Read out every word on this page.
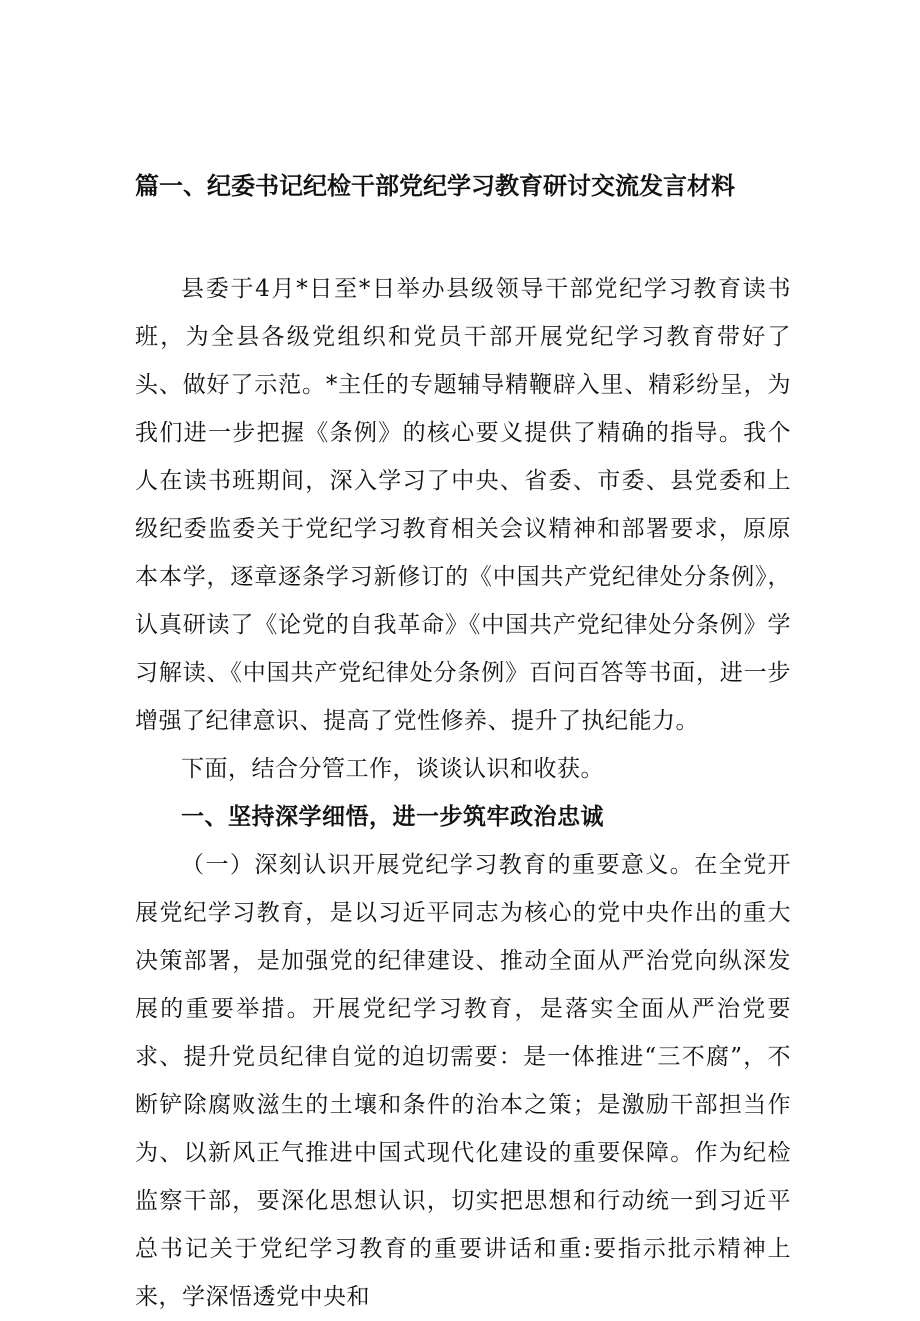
篇一、纪委书记纪检干部党纪学习教育研讨交流发言材料

县委于4月*日至*日举办县级领导干部党纪学习教育读书班，为全县各级党组织和党员干部开展党纪学习教育带好了头、做好了示范。*主任的专题辅导精鞭辟入里、精彩纷呈，为我们进一步把握《条例》的核心要义提供了精确的指导。我个人在读书班期间，深入学习了中央、省委、市委、县党委和上级纪委监委关于党纪学习教育相关会议精神和部署要求，原原本本学，逐章逐条学习新修订的《中国共产党纪律处分条例》，认真研读了《论党的自我革命》《中国共产党纪律处分条例》学习解读、《中国共产党纪律处分条例》百问百答等书面，进一步增强了纪律意识、提高了党性修养、提升了执纪能力。

下面，结合分管工作，谈谈认识和收获。

一、坚持深学细悟，进一步筑牢政治忠诚

（一）深刻认识开展党纪学习教育的重要意义。在全党开展党纪学习教育，是以习近平同志为核心的党中央作出的重大决策部署，是加强党的纪律建设、推动全面从严治党向纵深发展的重要举措。开展党纪学习教育，是落实全面从严治党要求、提升党员纪律自觉的迫切需要：是一体推进“三不腐”，不断铲除腐败滋生的土壤和条件的治本之策；是激励干部担当作为、以新风正气推进中国式现代化建设的重要保障。作为纪检监察干部，要深化思想认识，切实把思想和行动统一到习近平总书记关于党纪学习教育的重要讲话和重:要指示批示精神上来，学深悟透党中央和
